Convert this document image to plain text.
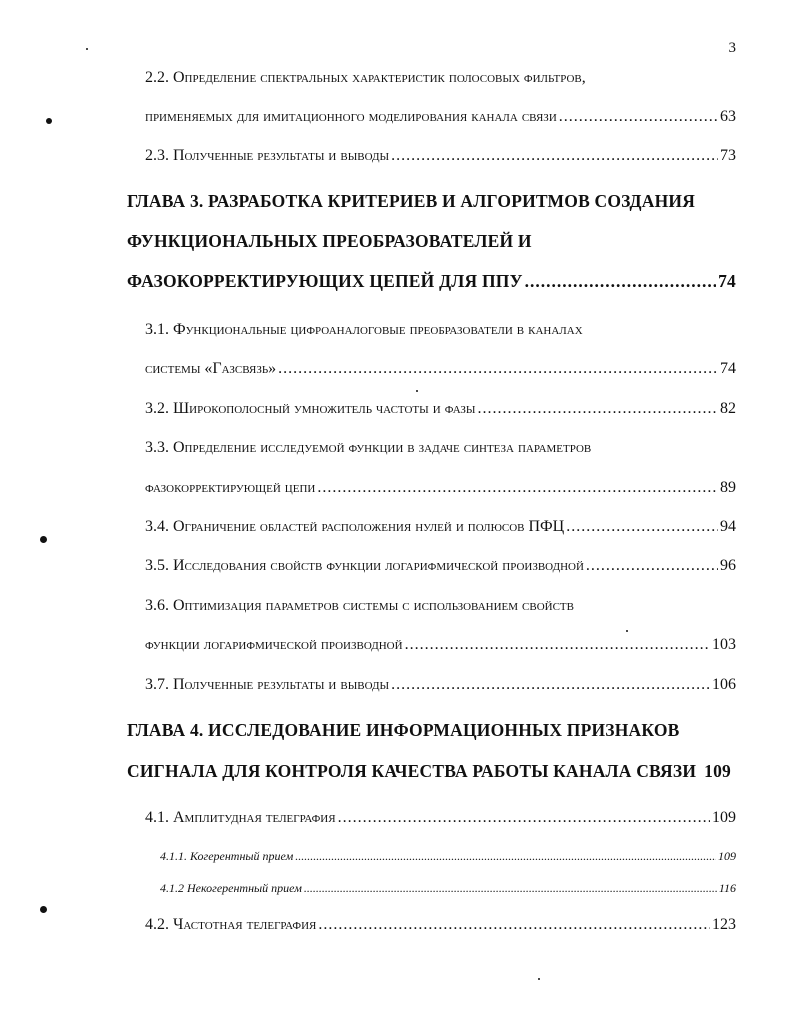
3
2.2. Определение спектральных характеристик полосовых фильтров,
применяемых для имитационного моделирования канала связи .....	63
2.3. Полученные результаты и выводы .....	73
ГЛАВА 3. РАЗРАБОТКА КРИТЕРИЕВ И АЛГОРИТМОВ СОЗДАНИЯ
ФУНКЦИОНАЛЬНЫХ ПРЕОБРАЗОВАТЕЛЕЙ И
ФАЗОКОРРЕКТИРУЮЩИХ ЦЕПЕЙ ДЛЯ ППУ .....	74
3.1. Функциональные цифроаналоговые преобразователи в каналах
системы «Газсвязь» .....	74
3.2. Широкополосный умножитель частоты и фазы .....	82
3.3. Определение исследуемой функции в задаче синтеза параметров
фазокорректирующей цепи .....	89
3.4. Ограничение областей расположения нулей и полюсов ПФЦ .....	94
3.5. Исследования свойств функции логарифмической производной .....	96
3.6. Оптимизация параметров системы с использованием свойств
функции логарифмической производной .....	103
3.7. Полученные результаты и выводы .....	106
ГЛАВА 4. ИССЛЕДОВАНИЕ ИНФОРМАЦИОННЫХ ПРИЗНАКОВ
СИГНАЛА ДЛЯ КОНТРОЛЯ КАЧЕСТВА РАБОТЫ КАНАЛА СВЯЗИ 109
4.1. Амплитудная телеграфия .....	109
4.1.1. Когерентный прием .....	109
4.1.2 Некогерентный прием .....	116
4.2. Частотная телеграфия .....	123
